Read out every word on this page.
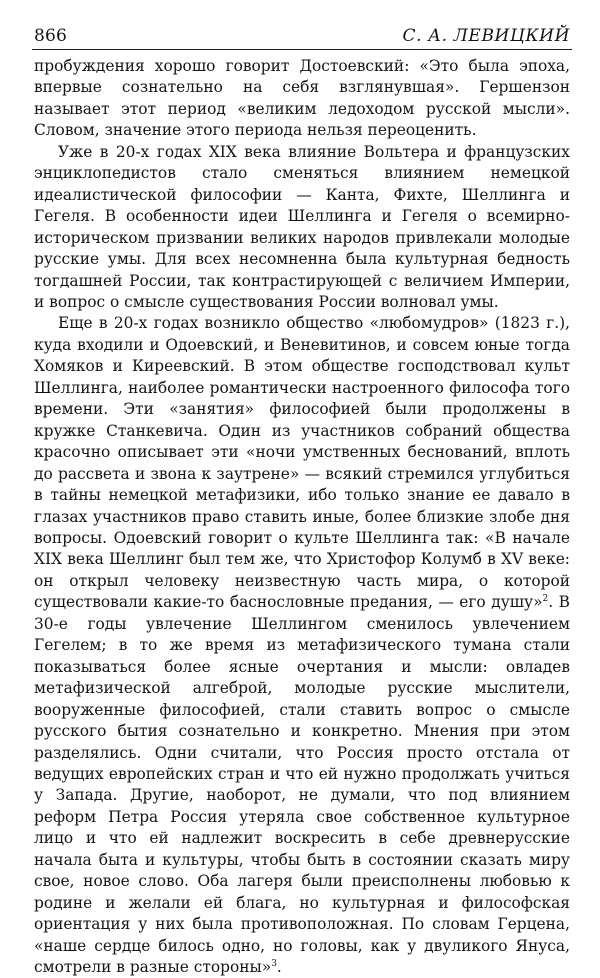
866	С. А. ЛЕВИЦКИЙ

пробуждения хорошо говорит Достоевский: «Это была эпоха, впервые сознательно на себя взглянувшая». Гершензон называет этот период «великим ледоходом русской мысли». Словом, значение этого периода нельзя переоценить.

Уже в 20-х годах XIX века влияние Вольтера и французских энциклопедистов стало сменяться влиянием немецкой идеалистической философии — Канта, Фихте, Шеллинга и Гегеля. В особенности идеи Шеллинга и Гегеля о всемирно-историческом призвании великих народов привлекали молодые русские умы. Для всех несомненна была культурная бедность тогдашней России, так контрастирующей с величием Империи, и вопрос о смысле существования России волновал умы.

Еще в 20-х годах возникло общество «любомудров» (1823 г.), куда входили и Одоевский, и Веневитинов, и совсем юные тогда Хомяков и Киреевский. В этом обществе господствовал культ Шеллинга, наиболее романтически настроенного философа того времени. Эти «занятия» философией были продолжены в кружке Станкевича. Один из участников собраний общества красочно описывает эти «ночи умственных беснований, вплоть до рассвета и звона к заутрене» — всякий стремился углубиться в тайны немецкой метафизики, ибо только знание ее давало в глазах участников право ставить иные, более близкие злобе дня вопросы. Одоевский говорит о культе Шеллинга так: «В начале XIX века Шеллинг был тем же, что Христофор Колумб в XV веке: он открыл человеку неизвестную часть мира, о которой существовали какие-то баснословные предания, — его душу»$^2$. В 30-е годы увлечение Шеллингом сменилось увлечением Гегелем; в то же время из метафизического тумана стали показываться более ясные очертания и мысли: овладев метафизической алгеброй, молодые русские мыслители, вооруженные философией, стали ставить вопрос о смысле русского бытия сознательно и конкретно. Мнения при этом разделялись. Одни считали, что Россия просто отстала от ведущих европейских стран и что ей нужно продолжать учиться у Запада. Другие, наоборот, не думали, что под влиянием реформ Петра Россия утеряла свое собственное культурное лицо и что ей надлежит воскресить в себе древнерусские начала быта и культуры, чтобы быть в состоянии сказать миру свое, новое слово. Оба лагеря были преисполнены любовью к родине и желали ей блага, но культурная и философская ориентация у них была противоположная. По словам Герцена, «наше сердце билось одно, но головы, как у двуликого Януса, смотрели в разные стороны»$^3$.
